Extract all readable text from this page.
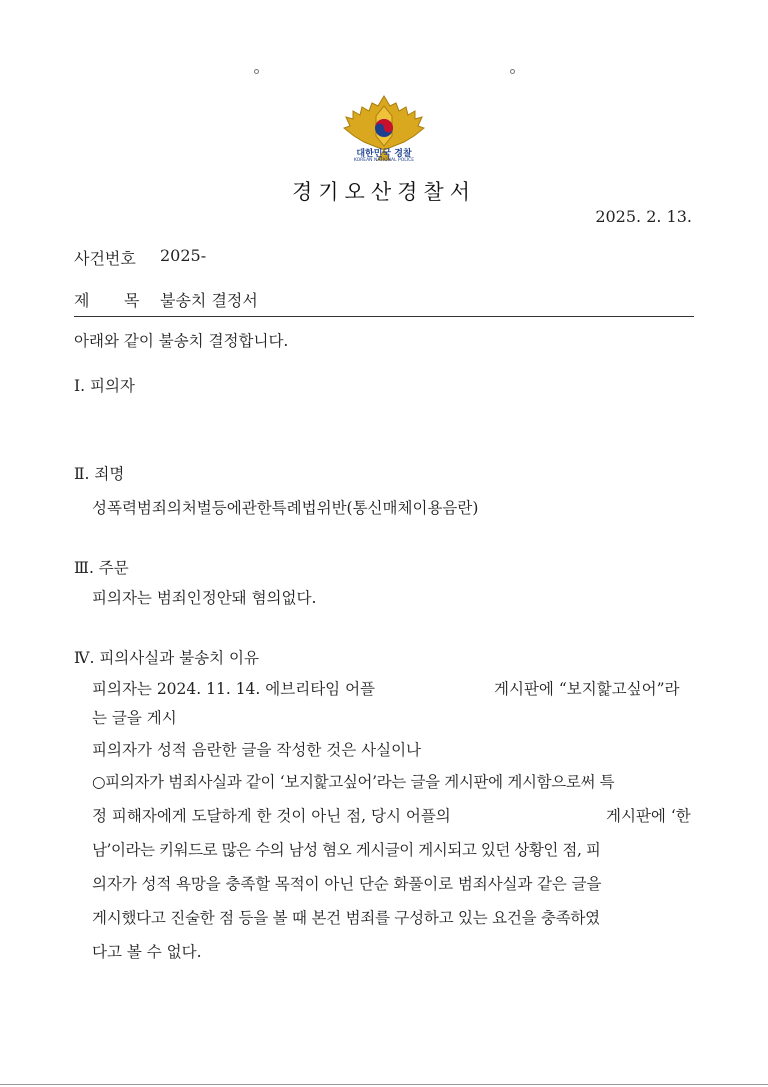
대한민국 경찰
KOREAN NATIONAL POLICE
경기오산경찰서
2025. 2. 13.
사건번호 2025-
제 목 불송치 결정서
아래와 같이 불송치 결정합니다.
Ⅰ. 피의자
Ⅱ. 죄명
성폭력범죄의처벌등에관한특례법위반(통신매체이용음란)
Ⅲ. 주문
피의자는 범죄인정안돼 혐의없다.
Ⅳ. 피의사실과 불송치 이유
피의자는 2024. 11. 14. 에브리타임 어플	게시판에 “보지핥고싶어”라
는 글을 게시
피의자가 성적 음란한 글을 작성한 것은 사실이나
○피의자가 범죄사실과 같이 ‘보지핥고싶어’라는 글을 게시판에 게시함으로써 특
정 피해자에게 도달하게 한 것이 아닌 점, 당시 어플의	게시판에 ‘한
남’이라는 키워드로 많은 수의 남성 혐오 게시글이 게시되고 있던 상황인 점, 피
의자가 성적 욕망을 충족할 목적이 아닌 단순 화풀이로 범죄사실과 같은 글을
게시했다고 진술한 점 등을 볼 때 본건 범죄를 구성하고 있는 요건을 충족하였
다고 볼 수 없다.
